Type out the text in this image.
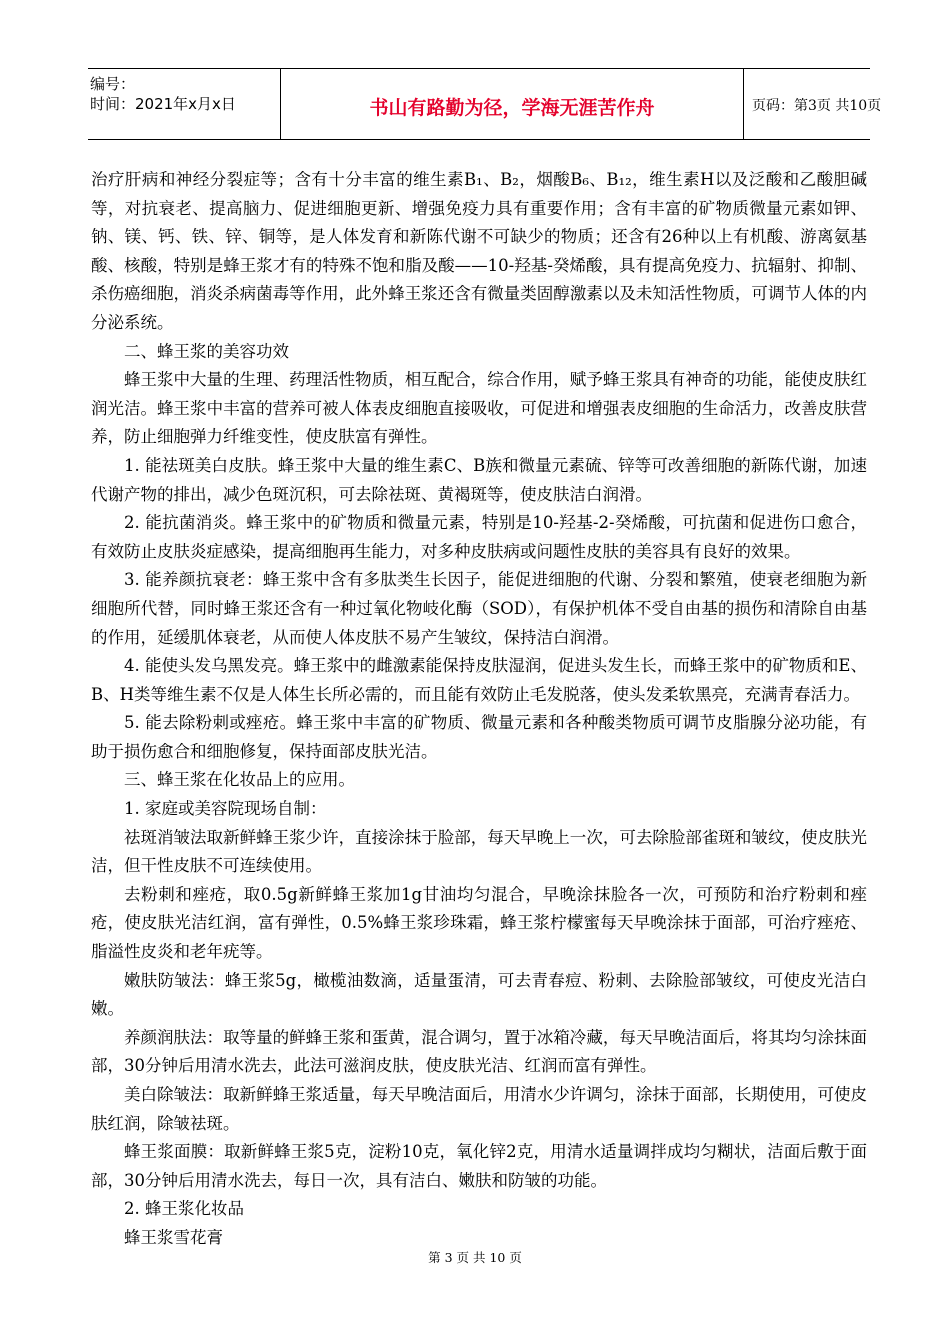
编号：
时间：2021年x月x日	书山有路勤为径，学海无涯苦作舟	页码：第3页 共10页

治疗肝病和神经分裂症等；含有十分丰富的维生素B₁、B₂，烟酸B₆、B₁₂，维生素H以及泛酸和乙酸胆碱等，对抗衰老、提高脑力、促进细胞更新、增强免疫力具有重要作用；含有丰富的矿物质微量元素如钾、钠、镁、钙、铁、锌、铜等，是人体发育和新陈代谢不可缺少的物质；还含有26种以上有机酸、游离氨基酸、核酸，特别是蜂王浆才有的特殊不饱和脂及酸——10-羟基-癸烯酸，具有提高免疫力、抗辐射、抑制、杀伤癌细胞，消炎杀病菌毒等作用，此外蜂王浆还含有微量类固醇激素以及未知活性物质，可调节人体的内分泌系统。

二、蜂王浆的美容功效

蜂王浆中大量的生理、药理活性物质，相互配合，综合作用，赋予蜂王浆具有神奇的功能，能使皮肤红润光洁。蜂王浆中丰富的营养可被人体表皮细胞直接吸收，可促进和增强表皮细胞的生命活力，改善皮肤营养，防止细胞弹力纤维变性，使皮肤富有弹性。

1. 能祛斑美白皮肤。蜂王浆中大量的维生素C、B族和微量元素硫、锌等可改善细胞的新陈代谢，加速代谢产物的排出，减少色斑沉积，可去除祛斑、黄褐斑等，使皮肤洁白润滑。

2. 能抗菌消炎。蜂王浆中的矿物质和微量元素，特别是10-羟基-2-癸烯酸，可抗菌和促进伤口愈合，有效防止皮肤炎症感染，提高细胞再生能力，对多种皮肤病或问题性皮肤的美容具有良好的效果。

3. 能养颜抗衰老：蜂王浆中含有多肽类生长因子，能促进细胞的代谢、分裂和繁殖，使衰老细胞为新细胞所代替，同时蜂王浆还含有一种过氧化物岐化酶（SOD），有保护机体不受自由基的损伤和清除自由基的作用，延缓肌体衰老，从而使人体皮肤不易产生皱纹，保持洁白润滑。

4. 能使头发乌黑发亮。蜂王浆中的雌激素能保持皮肤湿润，促进头发生长，而蜂王浆中的矿物质和E、B、H类等维生素不仅是人体生长所必需的，而且能有效防止毛发脱落，使头发柔软黑亮，充满青春活力。

5. 能去除粉刺或痤疮。蜂王浆中丰富的矿物质、微量元素和各种酸类物质可调节皮脂腺分泌功能，有助于损伤愈合和细胞修复，保持面部皮肤光洁。

三、蜂王浆在化妆品上的应用。

1. 家庭或美容院现场自制：

祛斑消皱法取新鲜蜂王浆少许，直接涂抹于脸部，每天早晚上一次，可去除脸部雀斑和皱纹，使皮肤光洁，但干性皮肤不可连续使用。

去粉刺和痤疮，取0.5g新鲜蜂王浆加1g甘油均匀混合，早晚涂抹脸各一次，可预防和治疗粉刺和痤疮，使皮肤光洁红润，富有弹性，0.5%蜂王浆珍珠霜，蜂王浆柠檬蜜每天早晚涂抹于面部，可治疗痤疮、脂溢性皮炎和老年疣等。

嫩肤防皱法：蜂王浆5g，橄榄油数滴，适量蛋清，可去青春痘、粉刺、去除脸部皱纹，可使皮光洁白嫩。

养颜润肤法：取等量的鲜蜂王浆和蛋黄，混合调匀，置于冰箱冷藏，每天早晚洁面后，将其均匀涂抹面部，30分钟后用清水洗去，此法可滋润皮肤，使皮肤光洁、红润而富有弹性。

美白除皱法：取新鲜蜂王浆适量，每天早晚洁面后，用清水少许调匀，涂抹于面部，长期使用，可使皮肤红润，除皱祛斑。

蜂王浆面膜：取新鲜蜂王浆5克，淀粉10克，氧化锌2克，用清水适量调拌成均匀糊状，洁面后敷于面部，30分钟后用清水洗去，每日一次，具有洁白、嫩肤和防皱的功能。

2. 蜂王浆化妆品

蜂王浆雪花膏

第 3 页 共 10 页
